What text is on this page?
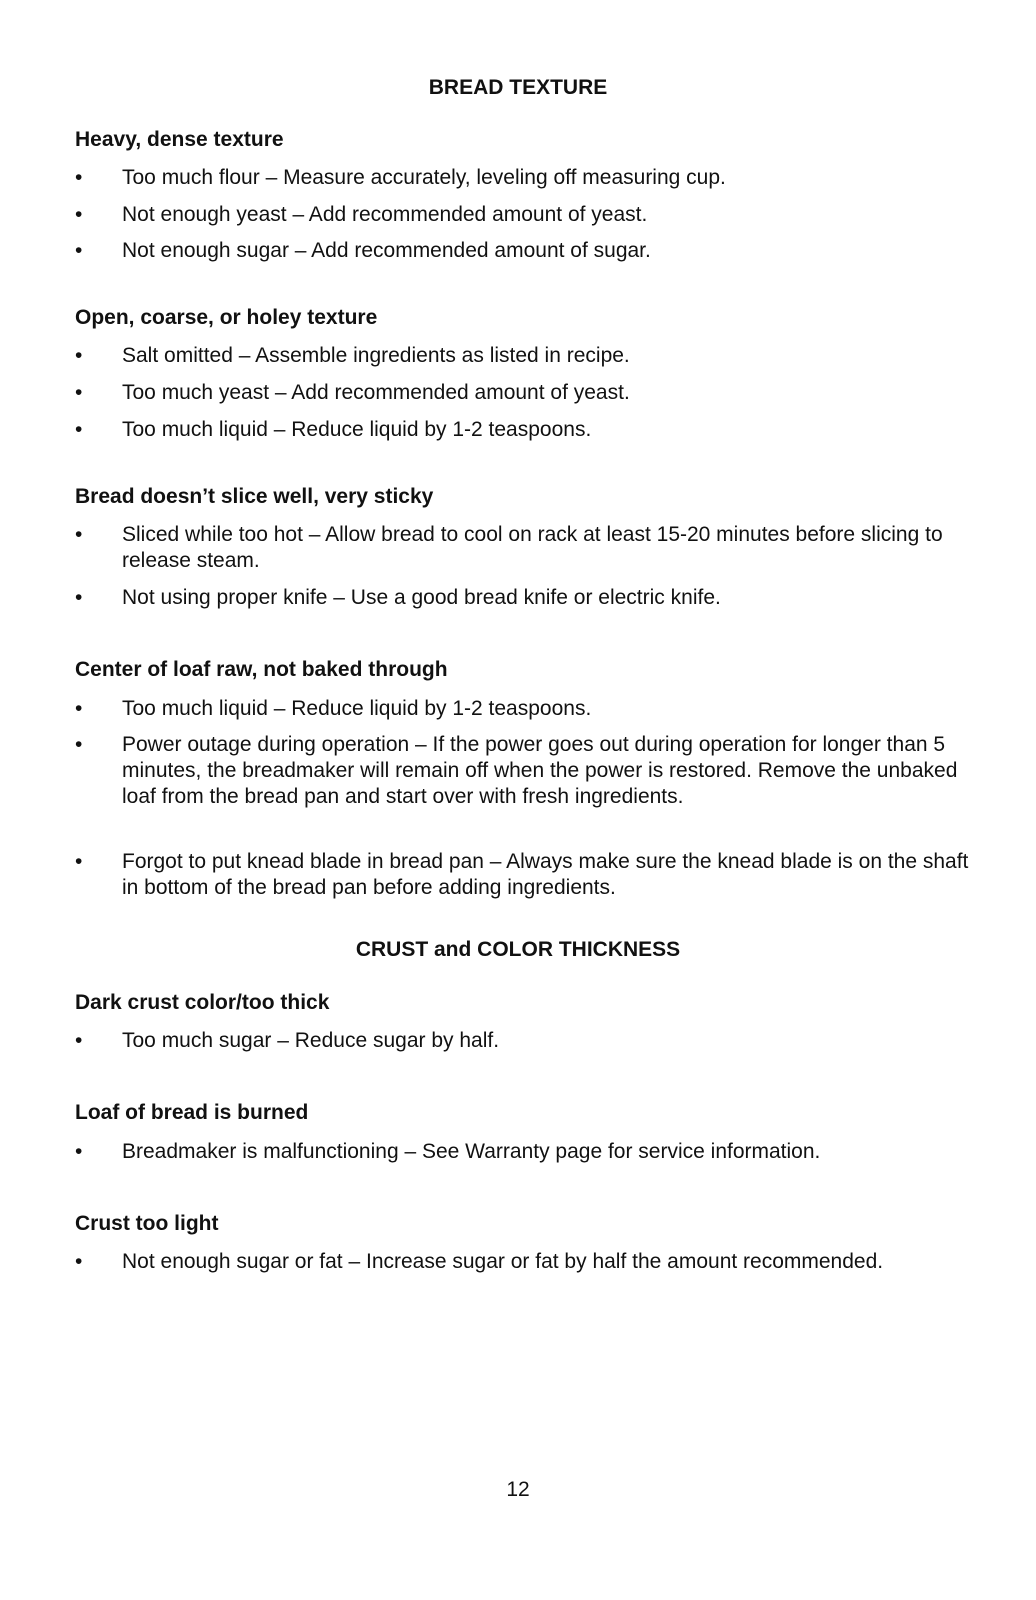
BREAD TEXTURE
Heavy, dense texture
•	Too much flour – Measure accurately, leveling off measuring cup.
•	Not enough yeast – Add recommended amount of yeast.
•	Not enough sugar – Add recommended amount of sugar.
Open, coarse, or holey texture
•	Salt omitted – Assemble ingredients as listed in recipe.
•	Too much yeast – Add recommended amount of yeast.
•	Too much liquid – Reduce liquid by 1-2 teaspoons.
Bread doesn’t slice well, very sticky
•	Sliced while too hot – Allow bread to cool on rack at least 15-20 minutes before slicing to release steam.
•	Not using proper knife – Use a good bread knife or electric knife.
Center of loaf raw, not baked through
•	Too much liquid – Reduce liquid by 1-2 teaspoons.
•	Power outage during operation – If the power goes out during operation for longer than 5 minutes, the breadmaker will remain off when the power is restored. Remove the unbaked loaf from the bread pan and start over with fresh ingredients.
•	Forgot to put knead blade in bread pan – Always make sure the knead blade is on the shaft in bottom of the bread pan before adding ingredients.
CRUST and COLOR THICKNESS
Dark crust color/too thick
•	Too much sugar – Reduce sugar by half.
Loaf of bread is burned
•	Breadmaker is malfunctioning – See Warranty page for service information.
Crust too light
•	Not enough sugar or fat – Increase sugar or fat by half the amount recommended.
12
